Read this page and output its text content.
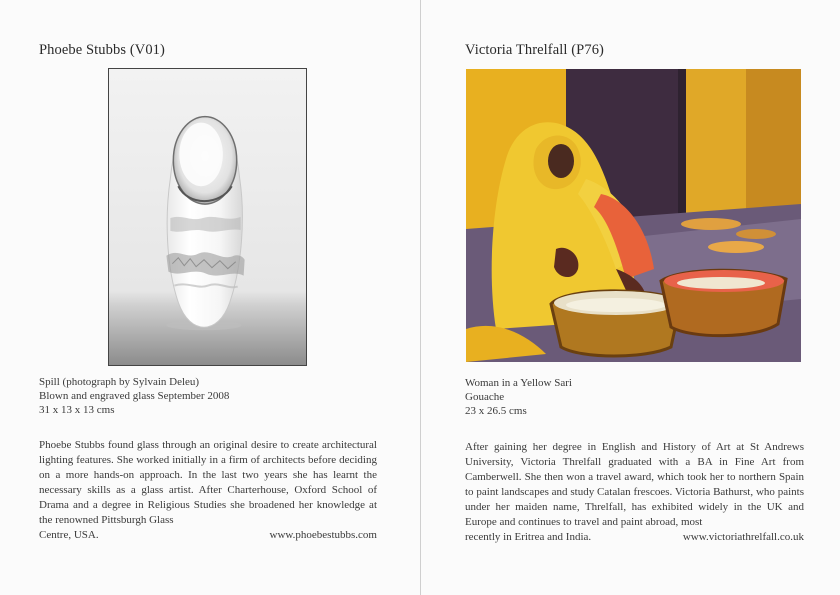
Phoebe Stubbs (V01)
Spill (photograph by Sylvain Deleu)
Blown and engraved glass September 2008
31 x 13 x 13 cms
Phoebe Stubbs found glass through an original desire to create architectural lighting features. She worked initially in a firm of architects before deciding on a more hands-on approach. In the last two years she has learnt the necessary skills as a glass artist. After Charterhouse, Oxford School of Drama and a degree in Religious Studies she broadened her knowledge at the renowned Pittsburgh Glass
Centre, USA.	www.phoebestubbs.com
Victoria Threlfall (P76)
Woman in a Yellow Sari
Gouache
23 x 26.5 cms
After gaining her degree in English and History of Art at St Andrews University, Victoria Threlfall graduated with a BA in Fine Art from Camberwell. She then won a travel award, which took her to northern Spain to paint landscapes and study Catalan frescoes. Victoria Bathurst, who paints under her maiden name, Threlfall, has exhibited widely in the UK and Europe and continues to travel and paint abroad, most
recently in Eritrea and India.	www.victoriathrelfall.co.uk
